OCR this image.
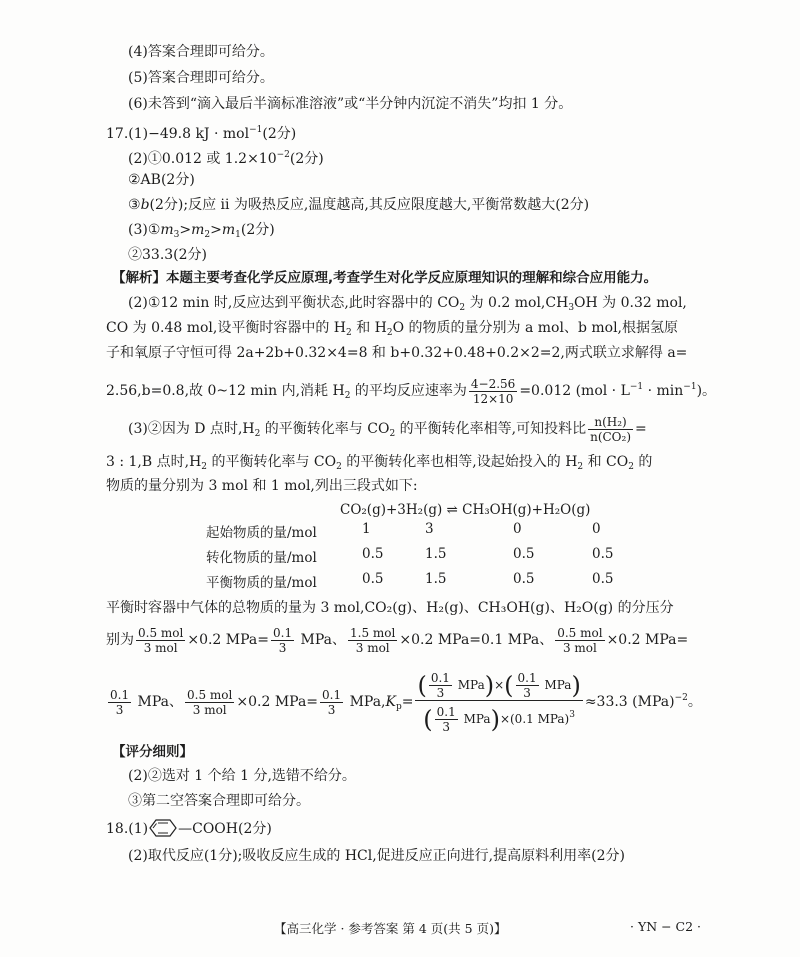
(4)答案合理即可给分。
(5)答案合理即可给分。
(6)未答到“滴入最后半滴标准溶液”或“半分钟内沉淀不消失”均扣 1 分。
17.(1)−49.8 kJ · mol$^{-1}$(2分)
(2)①0.012 或 $1.2\times 10^{-2}(2$分)
②AB(2分)
③b(2分);反应 ⅱ 为吸热反应,温度越高,其反应限度越大,平衡常数越大(2分)
$(3)①m_3>m_2>m_1(2$分)
②33.3(2分)
【解析】本题主要考查化学反应原理,考查学生对化学反应原理知识的理解和综合应用能力。
(2)①12 min 时,反应达到平衡状态,此时容器中的 $CO_2$ 为 0.2 $mol,CH_3OH$ 为 0.32 mol,
CO 为 0.48 mol,设平衡时容器中的 $H_2$ 和 $H_2O$ 的物质的量分别为 a mol、b mol,根据氢原
子和氧原子守恒可得 2a+2b+0.32×4=8 和 b+0.32+0.48+0.2×2=2,两式联立求解得 a=
2.56,b=0.8,故 0~12 min 内,消耗 $H_2$ 的平均反应速率为 $\frac{4-2.56}{12\times 10} =0.012$ $(mol \cdot L^{-1} \cdot \min^{-1})$。
(3)②因为 D 点时$,H_2$ 的平衡转化率与 $CO_2$ 的平衡转化率相等,可知投料比 $\frac{\text{n(H₂)}}{\text{n(CO₂)}}$ =
3 : 1,B 点时$,H_2$ 的平衡转化率与 $CO_2$ 的平衡转化率也相等,设起始投入的 $H_2$ 和 $CO_2$ 的
物质的量分别为 3 mol 和 1 mol,列出三段式如下:
CO₂(g)+3H₂(g) ⇌ CH₃OH(g)+H₂O(g)
起始物质的量/mol	1	3	0	0
转化物质的量/mol	0.5	1.5	0.5	0.5
平衡物质的量/mol	0.5	1.5	0.5	0.5
平衡时容器中气体的总物质的量为 3 mol,CO₂(g)、H₂(g)、CH₃OH(g)、H₂O(g) 的分压分
别为 $\frac{\text{0.5 mol}}{\text{3 mol}} \times 0.2$ $MPa= \frac{0.1}{3}$ MPa、 $\frac{\text{1.5 mol}}{\text{3 mol}} \times 0.2$ MPa=0.1 MPa、 $\frac{\text{0.5 mol}}{\text{3 mol}} \times 0.2$ MPa=
$\frac{0.1}{3}$ MPa、 $\frac{\text{0.5 mol}}{\text{3 mol}} \times 0.2$ $MPa= \frac{0.1}{3} MPa,K_p= \frac{( \frac{0.1}{3} MPa)\times( \frac{0.1}{3} MPa)}{( \frac{0.1}{3} MPa)\times(0.1 MPa)^3} \approx 33.3$ (MPa)$^{-2}$。
【评分细则】
(2)②选对 1 个给 1 分,选错不给分。
③第二空答案合理即可给分。
18.(1) —COOH(2分)
(2)取代反应(1分);吸收反应生成的 HCl,促进反应正向进行,提高原料利用率(2分)
【高三化学 · 参考答案 第 4 页(共 5 页)】	· YN − C2 ·
